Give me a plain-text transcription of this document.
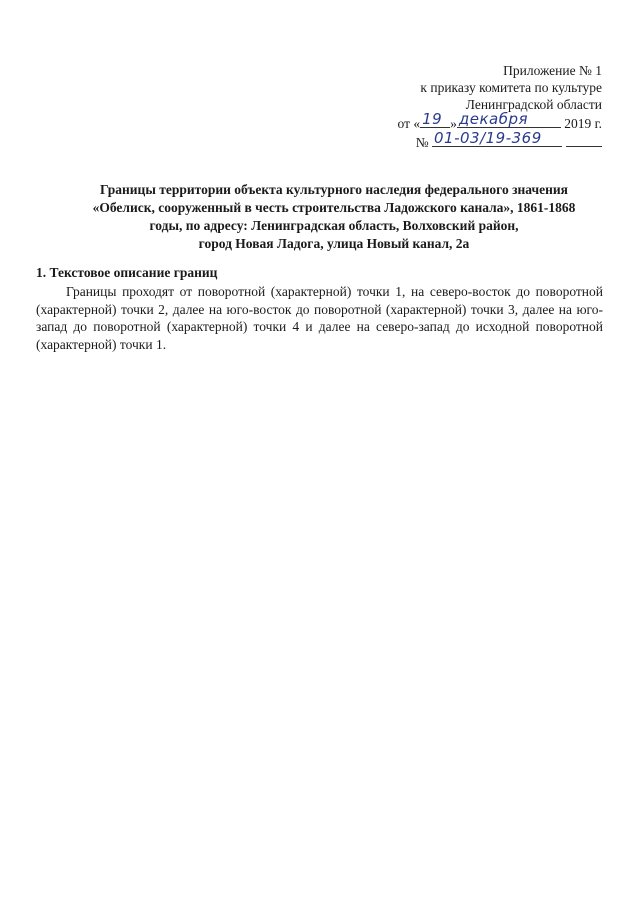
Приложение № 1
к приказу комитета по культуре
Ленинградской области
от « 19 » декабря	2019 г.
№ 01-03/19-369
Границы территории объекта культурного наследия федерального значения
«Обелиск, сооруженный в честь строительства Ладожского канала», 1861-1868
годы, по адресу: Ленинградская область, Волховский район,
город Новая Ладога, улица Новый канал, 2а
1. Текстовое описание границ
Границы проходят от поворотной (характерной) точки 1, на северо-восток до поворотной (характерной) точки 2, далее на юго-восток до поворотной (характерной) точки 3, далее на юго-запад до поворотной (характерной) точки 4 и далее на северо-запад до исходной поворотной (характерной) точки 1.
